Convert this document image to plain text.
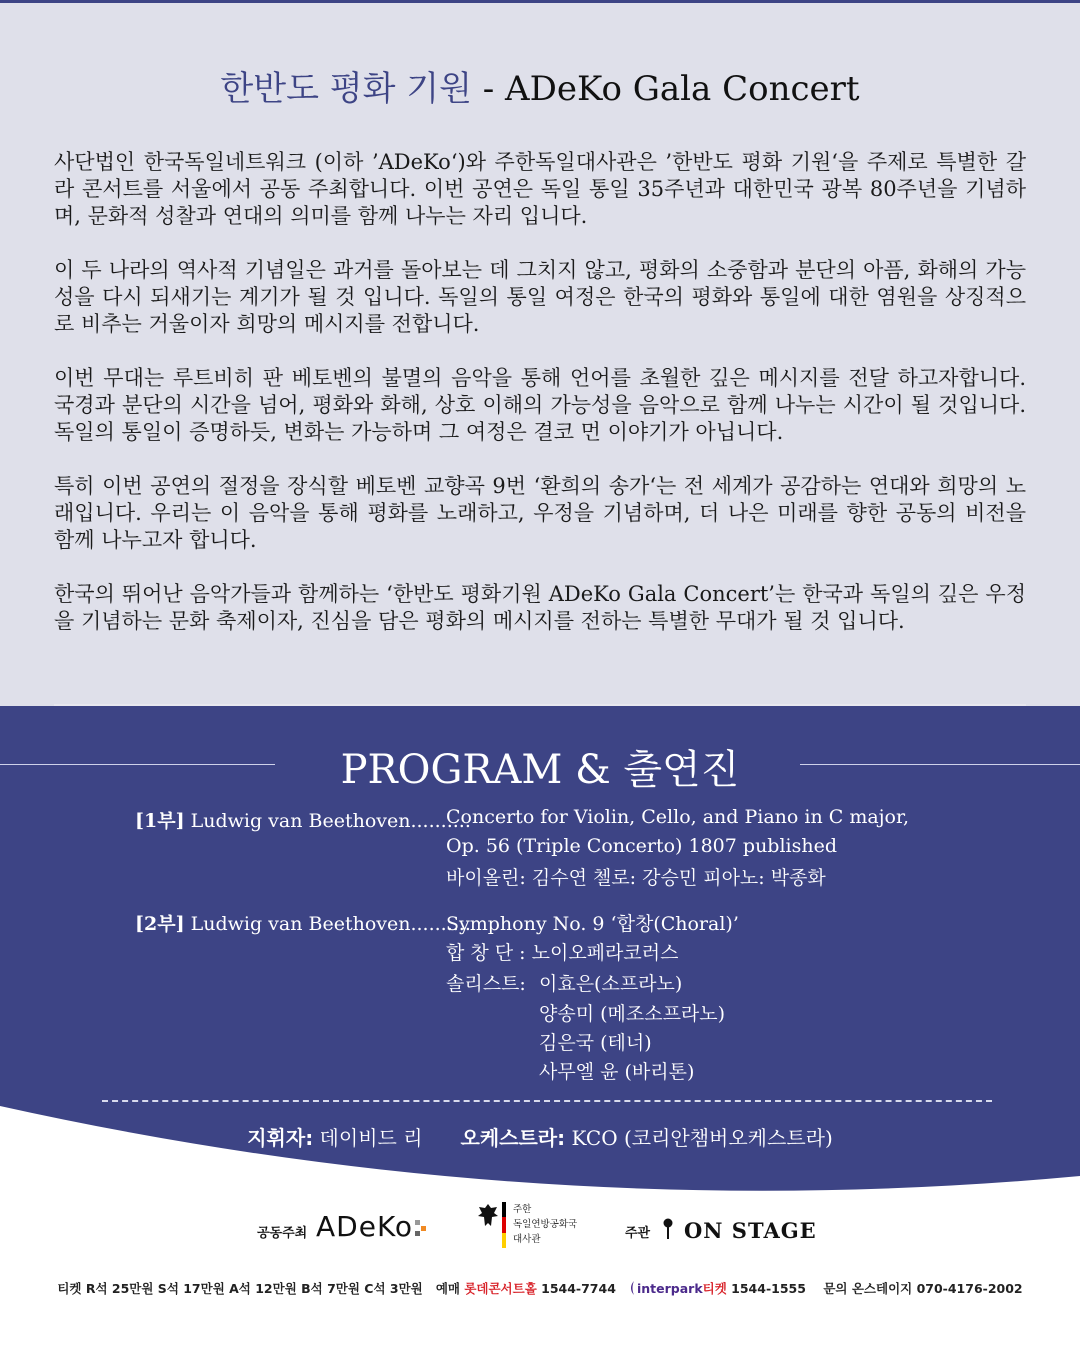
한반도 평화 기원 - ADeKo Gala Concert

사단법인 한국독일네트워크 (이하 ’ADeKo‘)와 주한독일대사관은 ’한반도 평화 기원‘을 주제로 특별한 갈라 콘서트를 서울에서 공동 주최합니다. 이번 공연은 독일 통일 35주년과 대한민국 광복 80주년을 기념하며, 문화적 성찰과 연대의 의미를 함께 나누는 자리 입니다.

이 두 나라의 역사적 기념일은 과거를 돌아보는 데 그치지 않고, 평화의 소중함과 분단의 아픔, 화해의 가능성을 다시 되새기는 계기가 될 것 입니다. 독일의 통일 여정은 한국의 평화와 통일에 대한 염원을 상징적으로 비추는 거울이자 희망의 메시지를 전합니다.

이번 무대는 루트비히 판 베토벤의 불멸의 음악을 통해 언어를 초월한 깊은 메시지를 전달 하고자합니다. 국경과 분단의 시간을 넘어, 평화와 화해, 상호 이해의 가능성을 음악으로 함께 나누는 시간이 될 것입니다. 독일의 통일이 증명하듯, 변화는 가능하며 그 여정은 결코 먼 이야기가 아닙니다.

특히 이번 공연의 절정을 장식할 베토벤 교향곡 9번 ‘환희의 송가‘는 전 세계가 공감하는 연대와 희망의 노래입니다. 우리는 이 음악을 통해 평화를 노래하고, 우정을 기념하며, 더 나은 미래를 향한 공동의 비전을 함께 나누고자 합니다.

한국의 뛰어난 음악가들과 함께하는 ‘한반도 평화기원 ADeKo Gala Concert’는 한국과 독일의 깊은 우정을 기념하는 문화 축제이자, 진심을 담은 평화의 메시지를 전하는 특별한 무대가 될 것 입니다.

PROGRAM & 출연진
[1부] Ludwig van Beethoven..........
Concerto for Violin, Cello, and Piano in C major,
Op. 56 (Triple Concerto) 1807 published
바이올린: 김수연 첼로: 강승민 피아노: 박종화
[2부] Ludwig van Beethoven..........
Symphony No. 9 ‘합창(Choral)’
합 창 단 : 노이오페라코러스
솔리스트: 이효은(소프라노)
양송미 (메조소프라노)
김은국 (테너)
사무엘 윤 (바리톤)
지휘자: 데이비드 리 오케스트라: KCO (코리안챔버오케스트라)
공동주최 ADeKo
주한
독일연방공화국
대사관	주관 ON STAGE
티켓 R석 25만원 S석 17만원 A석 12만원 B석 7만원 C석 3만원 예매 롯데콘서트홀 1544-7744 interpark티켓 1544-1555 문의 온스테이지 070-4176-2002
